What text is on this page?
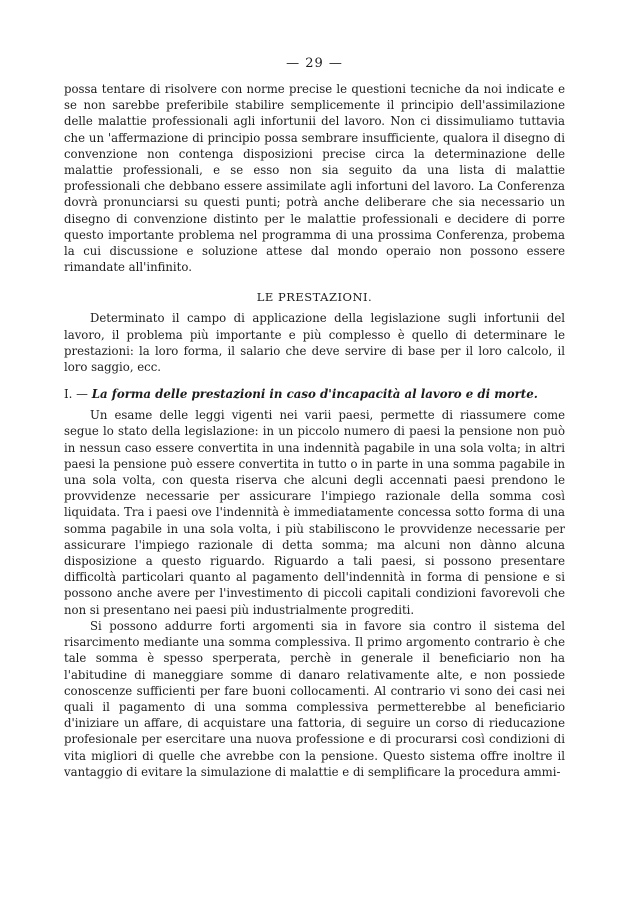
— 29 —

possa tentare di risolvere con norme precise le questioni tecniche da noi indicate e se non sarebbe preferibile stabilire semplicemente il principio dell'assimilazione delle malattie professionali agli infortunii del lavoro. Non ci dissimuliamo tuttavia che un 'affermazione di principio possa sembrare insufficiente, qualora il disegno di convenzione non contenga disposizioni precise circa la determinazione delle malattie professionali, e se esso non sia seguito da una lista di malattie professionali che debbano essere assimilate agli infortuni del lavoro. La Conferenza dovrà pronunciarsi su questi punti; potrà anche deliberare che sia necessario un disegno di convenzione distinto per le malattie professionali e decidere di porre questo importante problema nel programma di una prossima Conferenza, probema la cui discussione e soluzione attese dal mondo operaio non possono essere rimandate all'infinito.

LE PRESTAZIONI.

Determinato il campo di applicazione della legislazione sugli infortunii del lavoro, il problema più importante e più complesso è quello di determinare le prestazioni: la loro forma, il salario che deve servire di base per il loro calcolo, il loro saggio, ecc.

I. — La forma delle prestazioni in caso d'incapacità al lavoro e di morte.

Un esame delle leggi vigenti nei varii paesi, permette di riassumere come segue lo stato della legislazione: in un piccolo numero di paesi la pensione non può in nessun caso essere convertita in una indennità pagabile in una sola volta; in altri paesi la pensione può essere convertita in tutto o in parte in una somma pagabile in una sola volta, con questa riserva che alcuni degli accennati paesi prendono le provvidenze necessarie per assicurare l'impiego razionale della somma così liquidata. Tra i paesi ove l'indennità è immediatamente concessa sotto forma di una somma pagabile in una sola volta, i più stabiliscono le provvidenze necessarie per assicurare l'impiego razionale di detta somma; ma alcuni non dànno alcuna disposizione a questo riguardo. Riguardo a tali paesi, si possono presentare difficoltà particolari quanto al pagamento dell'indennità in forma di pensione e si possono anche avere per l'investimento di piccoli capitali condizioni favorevoli che non si presentano nei paesi più industrialmente progrediti.

Si possono addurre forti argomenti sia in favore sia contro il sistema del risarcimento mediante una somma complessiva. Il primo argomento contrario è che tale somma è spesso sperperata, perchè in generale il beneficiario non ha l'abitudine di maneggiare somme di danaro relativamente alte, e non possiede conoscenze sufficienti per fare buoni collocamenti. Al contrario vi sono dei casi nei quali il pagamento di una somma complessiva permetterebbe al beneficiario d'iniziare un affare, di acquistare una fattoria, di seguire un corso di rieducazione profesionale per esercitare una nuova professione e di procurarsi così condizioni di vita migliori di quelle che avrebbe con la pensione. Questo sistema offre inoltre il vantaggio di evitare la simulazione di malattie e di semplificare la procedura ammi-
